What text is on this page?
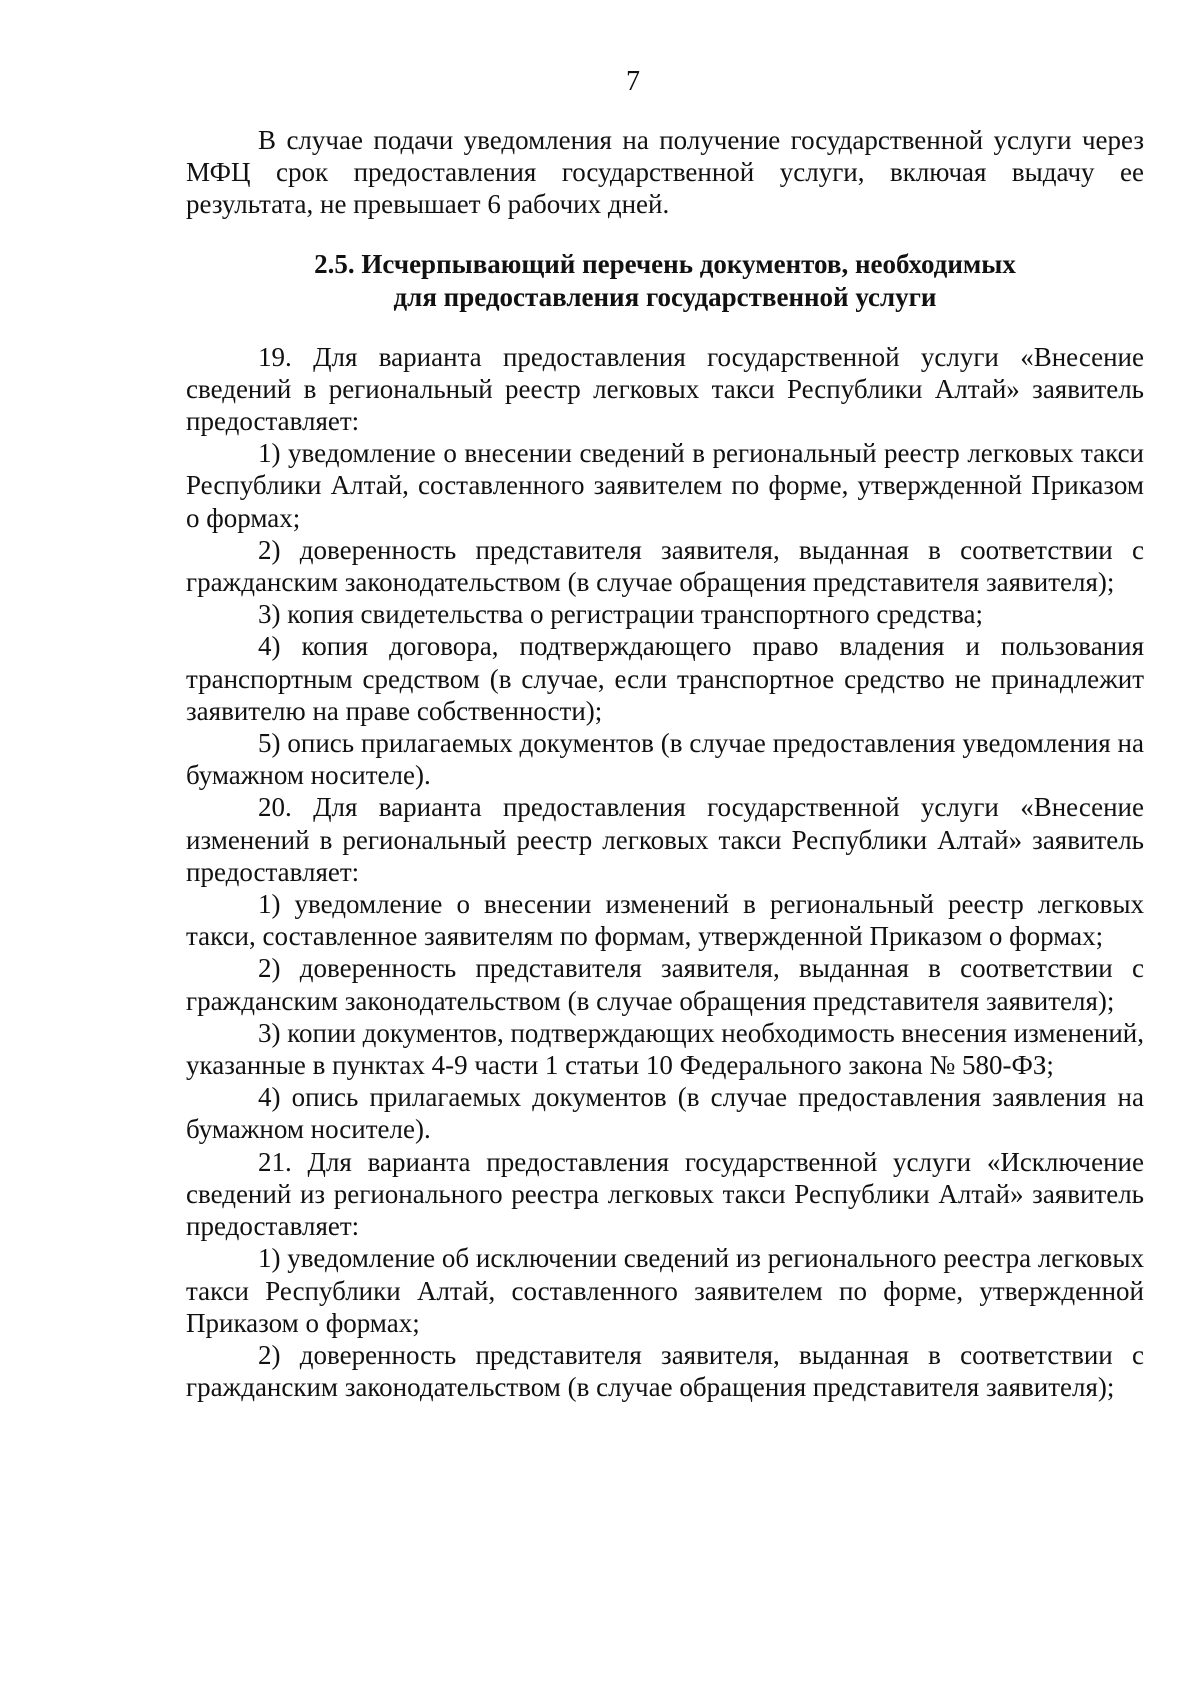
7

В случае подачи уведомления на получение государственной услуги через МФЦ срок предоставления государственной услуги, включая выдачу ее результата, не превышает 6 рабочих дней.

2.5. Исчерпывающий перечень документов, необходимых
для предоставления государственной услуги

19. Для варианта предоставления государственной услуги «Внесение сведений в региональный реестр легковых такси Республики Алтай» заявитель предоставляет:

1) уведомление о внесении сведений в региональный реестр легковых такси Республики Алтай, составленного заявителем по форме, утвержденной Приказом о формах;

2) доверенность представителя заявителя, выданная в соответствии с гражданским законодательством (в случае обращения представителя заявителя);

3) копия свидетельства о регистрации транспортного средства;

4) копия договора, подтверждающего право владения и пользования транспортным средством (в случае, если транспортное средство не принадлежит заявителю на праве собственности);

5) опись прилагаемых документов (в случае предоставления уведомления на бумажном носителе).

20. Для варианта предоставления государственной услуги «Внесение изменений в региональный реестр легковых такси Республики Алтай» заявитель предоставляет:

1) уведомление о внесении изменений в региональный реестр легковых такси, составленное заявителям по формам, утвержденной Приказом о формах;

2) доверенность представителя заявителя, выданная в соответствии с гражданским законодательством (в случае обращения представителя заявителя);

3) копии документов, подтверждающих необходимость внесения изменений, указанные в пунктах 4-9 части 1 статьи 10 Федерального закона № 580-ФЗ;

4) опись прилагаемых документов (в случае предоставления заявления на бумажном носителе).

21. Для варианта предоставления государственной услуги «Исключение сведений из регионального реестра легковых такси Республики Алтай» заявитель предоставляет:

1) уведомление об исключении сведений из регионального реестра легковых такси Республики Алтай, составленного заявителем по форме, утвержденной Приказом о формах;

2) доверенность представителя заявителя, выданная в соответствии с гражданским законодательством (в случае обращения представителя заявителя);
